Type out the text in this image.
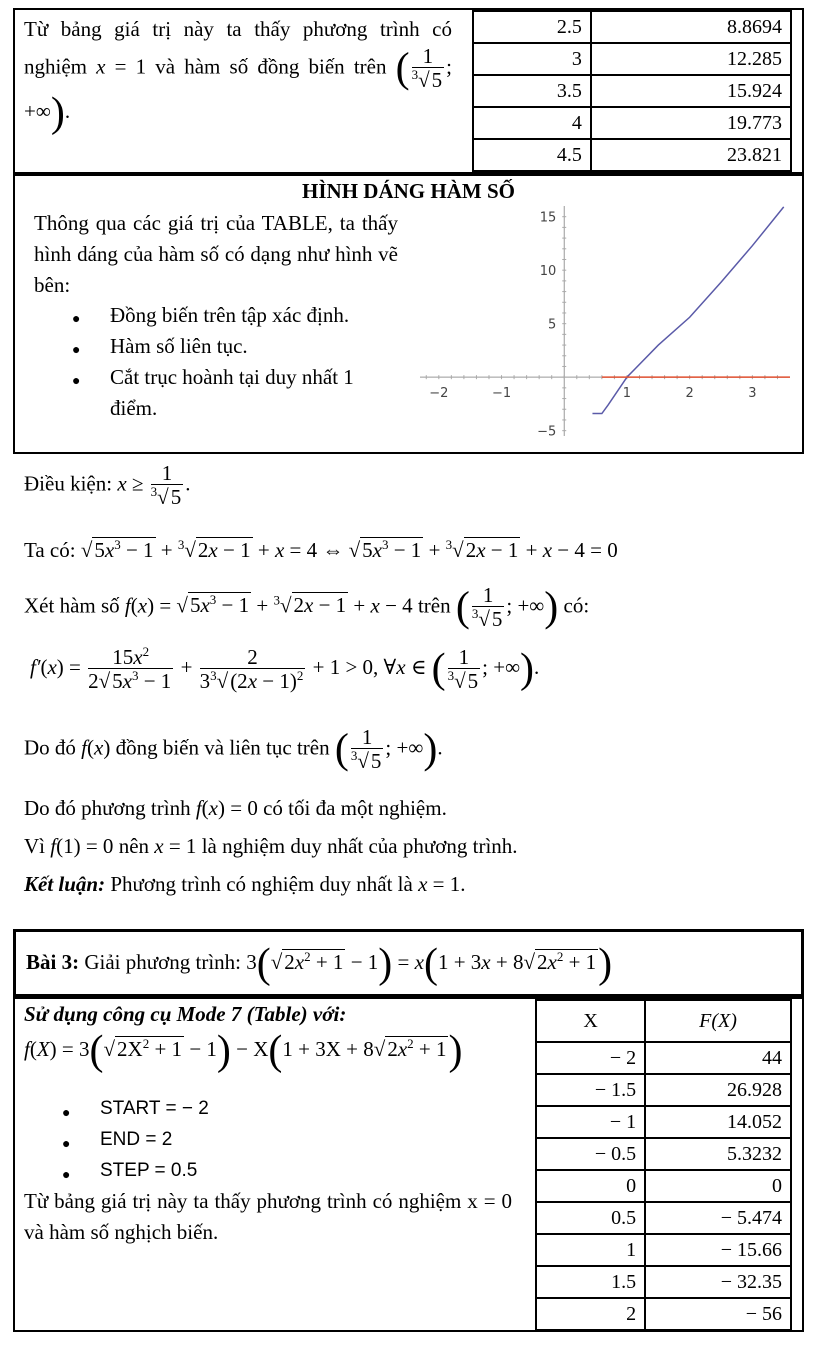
Từ bảng giá trị này ta thấy phương trình có nghiệm x = 1 và hàm số đồng biến trên ( $\frac{1}{^3√5}$ ; +∞).
2.5	8.8694
3	12.285
3.5	15.924
4	19.773
4.5	23.821
HÌNH DÁNG HÀM SỐ
Thông qua các giá trị của TABLE, ta thấy hình dáng của hàm số có dạng như hình vẽ bên:
● Đồng biến trên tập xác định.
● Hàm số liên tục.
● Cắt trục hoành tại duy nhất 1 điểm.
−2	−1	1	2	3
15
10
5
−5
Điều kiện: $x \ge \frac{1}{^3√5}$ .
Ta có: $√5x^3 - 1 + ^3√2x - 1 + x = 4$ ⇔ $√5x^3 - 1 + ^3√2x - 1 + x - 4 = 0$
Xét hàm số $f(x) = √5x^3 - 1 + ^3√2x - 1 + x - 4$ trên ( $\frac{1}{^3√5}$ ; +∞) có:
$f'(x) = \frac{15x^2}{2√5x^3 - 1} + \frac{2}{3^3√(2x - 1)^2} + 1 > 0$, ∀x ∈ ( $\frac{1}{^3√5}$ ; +∞).
Do đó f(x) đồng biến và liên tục trên ( $\frac{1}{^3√5}$ ; +∞).
Do đó phương trình f(x) = 0 có tối đa một nghiệm.
Vì f(1) = 0 nên x = 1 là nghiệm duy nhất của phương trình.
Kết luận: Phương trình có nghiệm duy nhất là x = 1.
Bài 3: Giải phương trình: $3(√2x^2 + 1 - 1) = x(1 + 3x + 8√2x^2 + 1)$
Sử dụng công cụ Mode 7 (Table) với:
$f(X) = 3(√2X^2 + 1 - 1) - X(1 + 3X + 8√2x^2 + 1)$
● START = − 2
● END = 2
● STEP = 0.5
Từ bảng giá trị này ta thấy phương trình có nghiệm x = 0 và hàm số nghịch biến.
X	F(X)
− 2	44
− 1.5	26.928
− 1	14.052
− 0.5	5.3232
0	0
0.5	− 5.474
1	− 15.66
1.5	− 32.35
2	− 56
